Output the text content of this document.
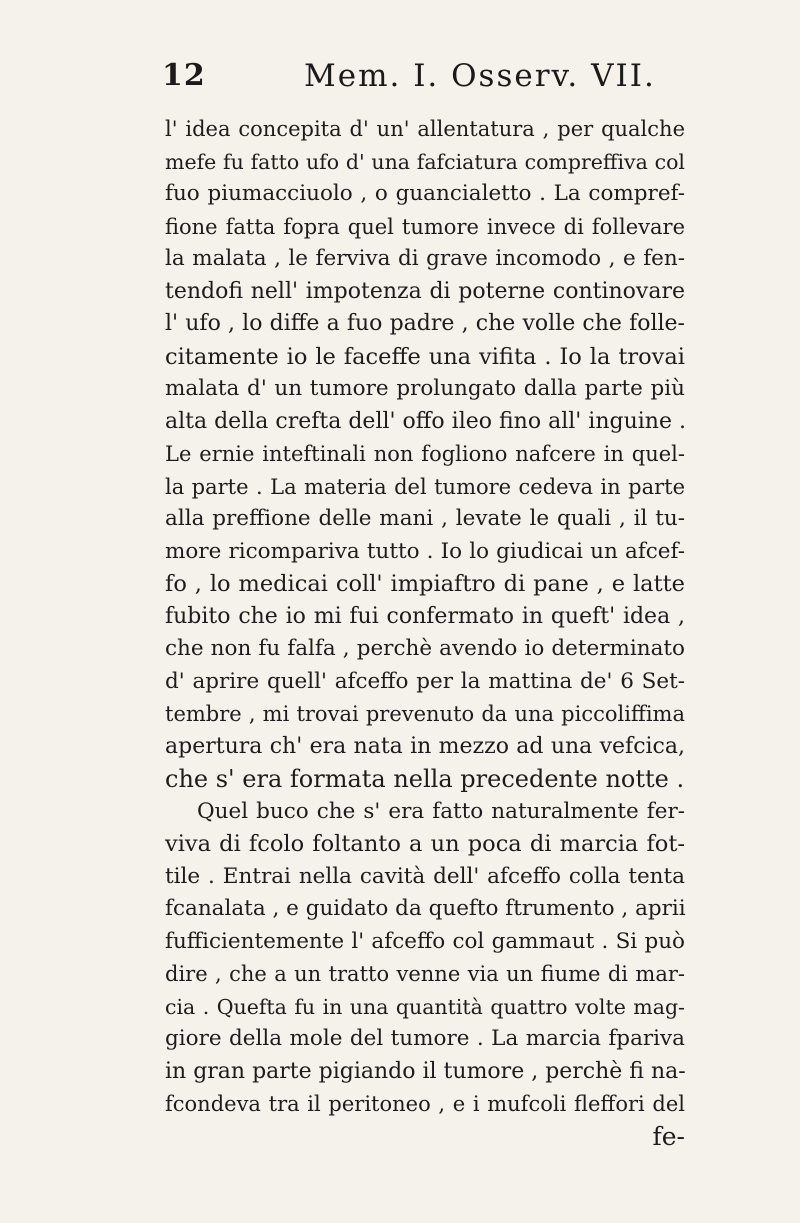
12	Mem. I. Osserv. VII.
l' idea concepita d' un' allentatura , per qualche
mefe fu fatto ufo d' una fafciatura compreffiva col
fuo piumacciuolo , o guancialetto . La compref-
fione fatta fopra quel tumore invece di follevare
la malata , le ferviva di grave incomodo , e fen-
tendofi nell' impotenza di poterne continovare
l' ufo , lo diffe a fuo padre , che volle che folle-
citamente io le faceffe una vifita . Io la trovai
malata d' un tumore prolungato dalla parte più
alta della crefta dell' offo ileo fino all' inguine .
Le ernie inteftinali non fogliono nafcere in quel-
la parte . La materia del tumore cedeva in parte
alla preffione delle mani , levate le quali , il tu-
more ricompariva tutto . Io lo giudicai un afcef-
fo , lo medicai coll' impiaftro di pane , e latte
fubito che io mi fui confermato in queft' idea ,
che non fu falfa , perchè avendo io determinato
d' aprire quell' afceffo per la mattina de' 6 Set-
tembre , mi trovai prevenuto da una piccoliffima
apertura ch' era nata in mezzo ad una vefcica,
che s' era formata nella precedente notte .
Quel buco che s' era fatto naturalmente fer-
viva di fcolo foltanto a un poca di marcia fot-
tile . Entrai nella cavità dell' afceffo colla tenta
fcanalata , e guidato da quefto ftrumento , aprii
fufficientemente l' afceffo col gammaut . Si può
dire , che a un tratto venne via un fiume di mar-
cia . Quefta fu in una quantità quattro volte mag-
giore della mole del tumore . La marcia fpariva
in gran parte pigiando il tumore , perchè fi na-
fcondeva tra il peritoneo , e i mufcoli fleffori del
fe-
